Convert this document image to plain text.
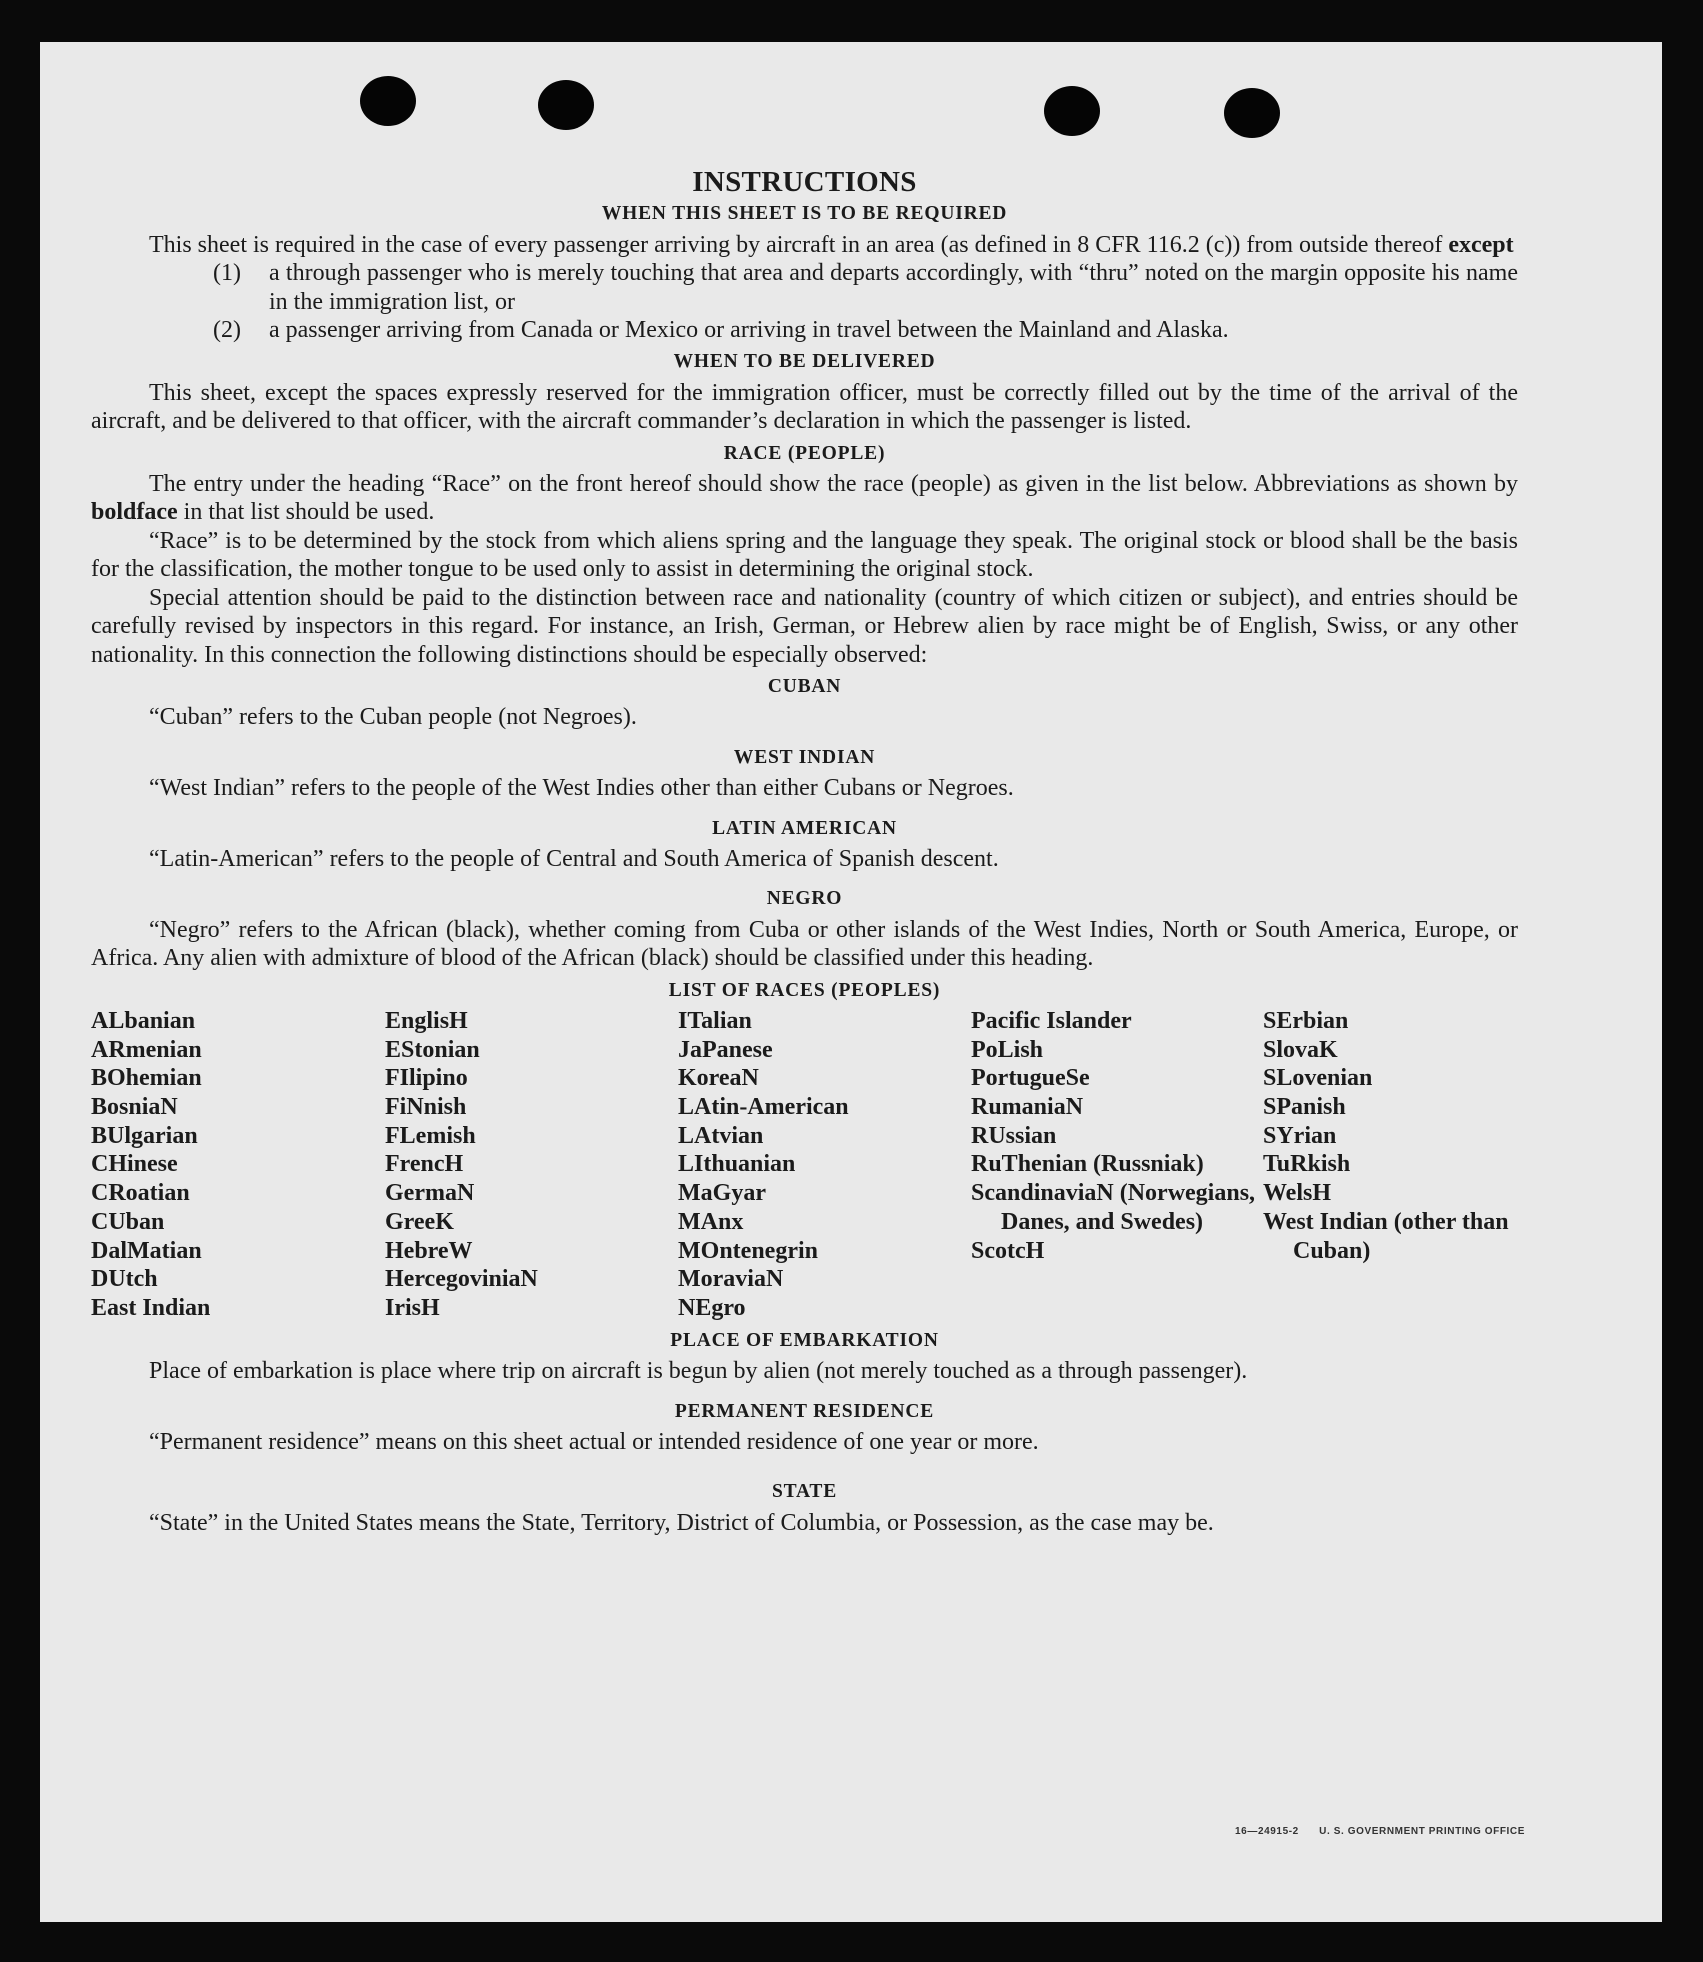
INSTRUCTIONS
WHEN THIS SHEET IS TO BE REQUIRED

This sheet is required in the case of every passenger arriving by aircraft in an area (as defined in 8 CFR 116.2 (c)) from outside thereof except

(1)	a through passenger who is merely touching that area and departs accordingly, with “thru” noted on the margin opposite his name in the immigration list, or
(2)	a passenger arriving from Canada or Mexico or arriving in travel between the Mainland and Alaska.
WHEN TO BE DELIVERED

This sheet, except the spaces expressly reserved for the immigration officer, must be correctly filled out by the time of the arrival of the aircraft, and be delivered to that officer, with the aircraft commander’s declaration in which the passenger is listed.

RACE (PEOPLE)

The entry under the heading “Race” on the front hereof should show the race (people) as given in the list below. Abbreviations as shown by boldface in that list should be used.

“Race” is to be determined by the stock from which aliens spring and the language they speak. The original stock or blood shall be the basis for the classification, the mother tongue to be used only to assist in determining the original stock.

Special attention should be paid to the distinction between race and nationality (country of which citizen or subject), and entries should be carefully revised by inspectors in this regard. For instance, an Irish, German, or Hebrew alien by race might be of English, Swiss, or any other nationality. In this connection the following distinctions should be especially observed:

CUBAN

“Cuban” refers to the Cuban people (not Negroes).

WEST INDIAN

“West Indian” refers to the people of the West Indies other than either Cubans or Negroes.

LATIN AMERICAN

“Latin-American” refers to the people of Central and South America of Spanish descent.

NEGRO

“Negro” refers to the African (black), whether coming from Cuba or other islands of the West Indies, North or South America, Europe, or Africa. Any alien with admixture of blood of the African (black) should be classified under this heading.

LIST OF RACES (PEOPLES)
ALbanian
ARmenian
BOhemian
BosniaN
BUlgarian
CHinese
CRoatian
CUban
DalMatian
DUtch
East Indian
EnglisH
EStonian
FIlipino
FiNnish
FLemish
FrencH
GermaN
GreeK
HebreW
HercegoviniaN
IrisH
ITalian
JaPanese
KoreaN
LAtin-American
LAtvian
LIthuanian
MaGyar
MAnx
MOntenegrin
MoraviaN
NEgro
Pacific Islander
PoLish
PortugueSe
RumaniaN
RUssian
RuThenian (Russniak)
ScandinaviaN (Norwegians, Danes, and Swedes)
ScotcH
SErbian
SlovaK
SLovenian
SPanish
SYrian
TuRkish
WelsH
West Indian (other than Cuban)
PLACE OF EMBARKATION

Place of embarkation is place where trip on aircraft is begun by alien (not merely touched as a through passenger).

PERMANENT RESIDENCE

“Permanent residence” means on this sheet actual or intended residence of one year or more.

STATE

“State” in the United States means the State, Territory, District of Columbia, or Possession, as the case may be.

16—24915-2 U. S. GOVERNMENT PRINTING OFFICE
